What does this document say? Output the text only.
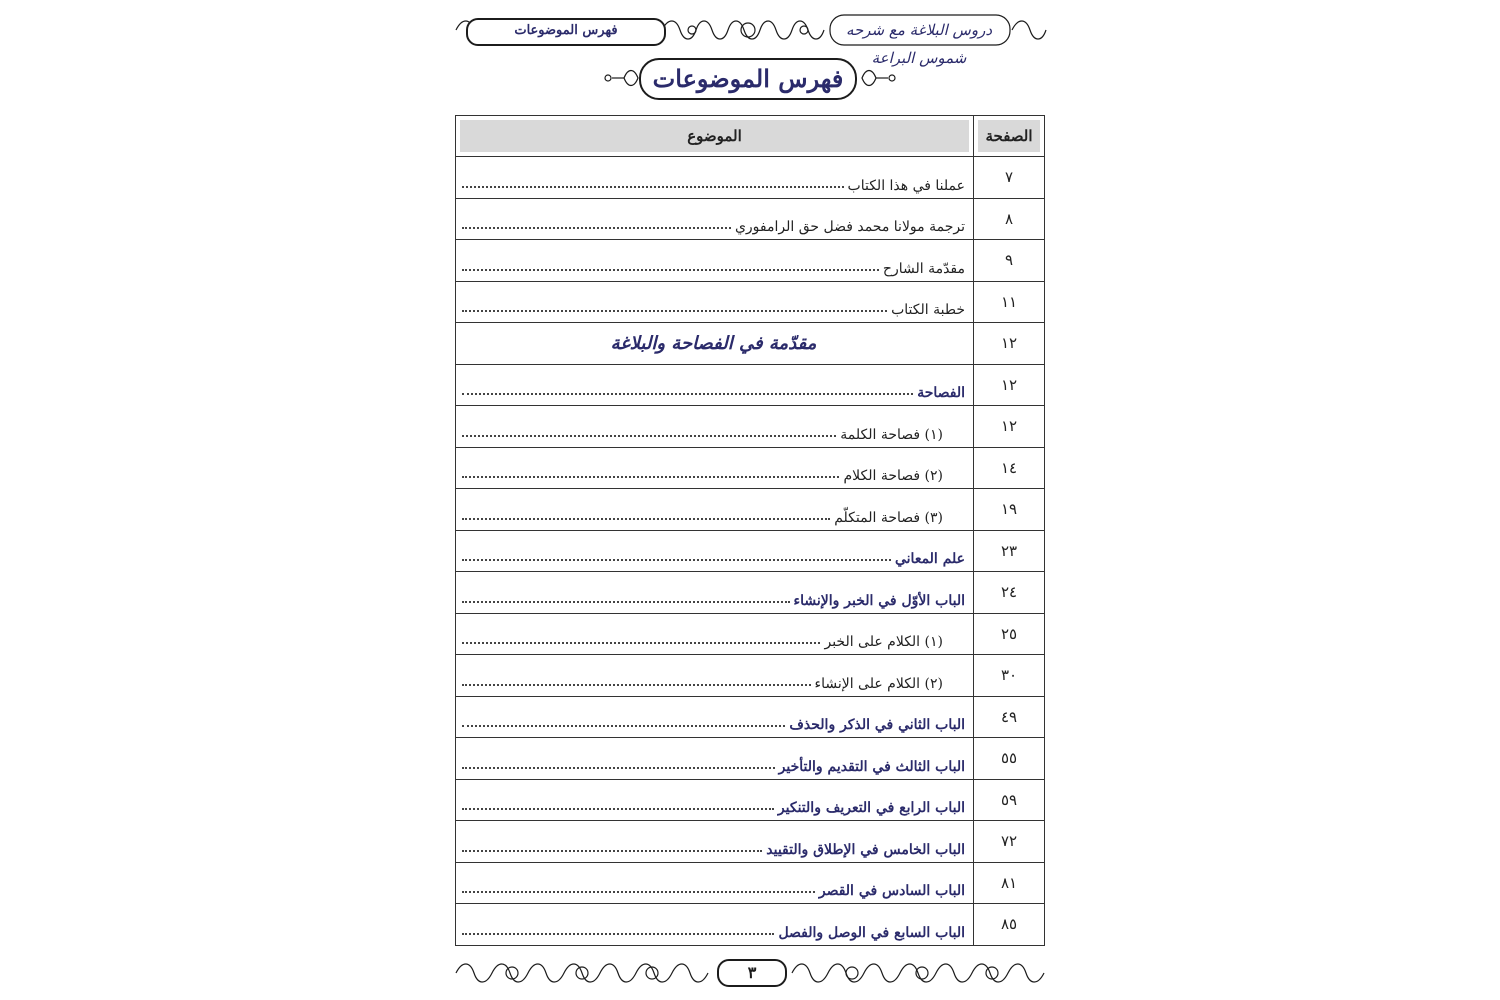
فهرس الموضوعات	دروس البلاغة مع شرحه شموس البراعة
فهرس الموضوعات
الصفحة	الموضوع
٧	عملنا في هذا الكتاب

٨	ترجمة مولانا محمد فضل حق الرامفوري

٩	مقدّمة الشارح

١١	خطبة الكتاب

١٢	مقدّمة في الفصاحة والبلاغة
١٢	الفصاحة

١٢	(١) فصاحة الكلمة

١٤	(٢) فصاحة الكلام

١٩	(٣) فصاحة المتكلّم

٢٣	علم المعاني

٢٤	الباب الأوّل في الخبر والإنشاء

٢٥	(١) الكلام على الخبر

٣٠	(٢) الكلام على الإنشاء

٤٩	الباب الثاني في الذكر والحذف

٥٥	الباب الثالث في التقديم والتأخير

٥٩	الباب الرابع في التعريف والتنكير

٧٢	الباب الخامس في الإطلاق والتقييد

٨١	الباب السادس في القصر

٨٥	الباب السابع في الوصل والفصل
٣
